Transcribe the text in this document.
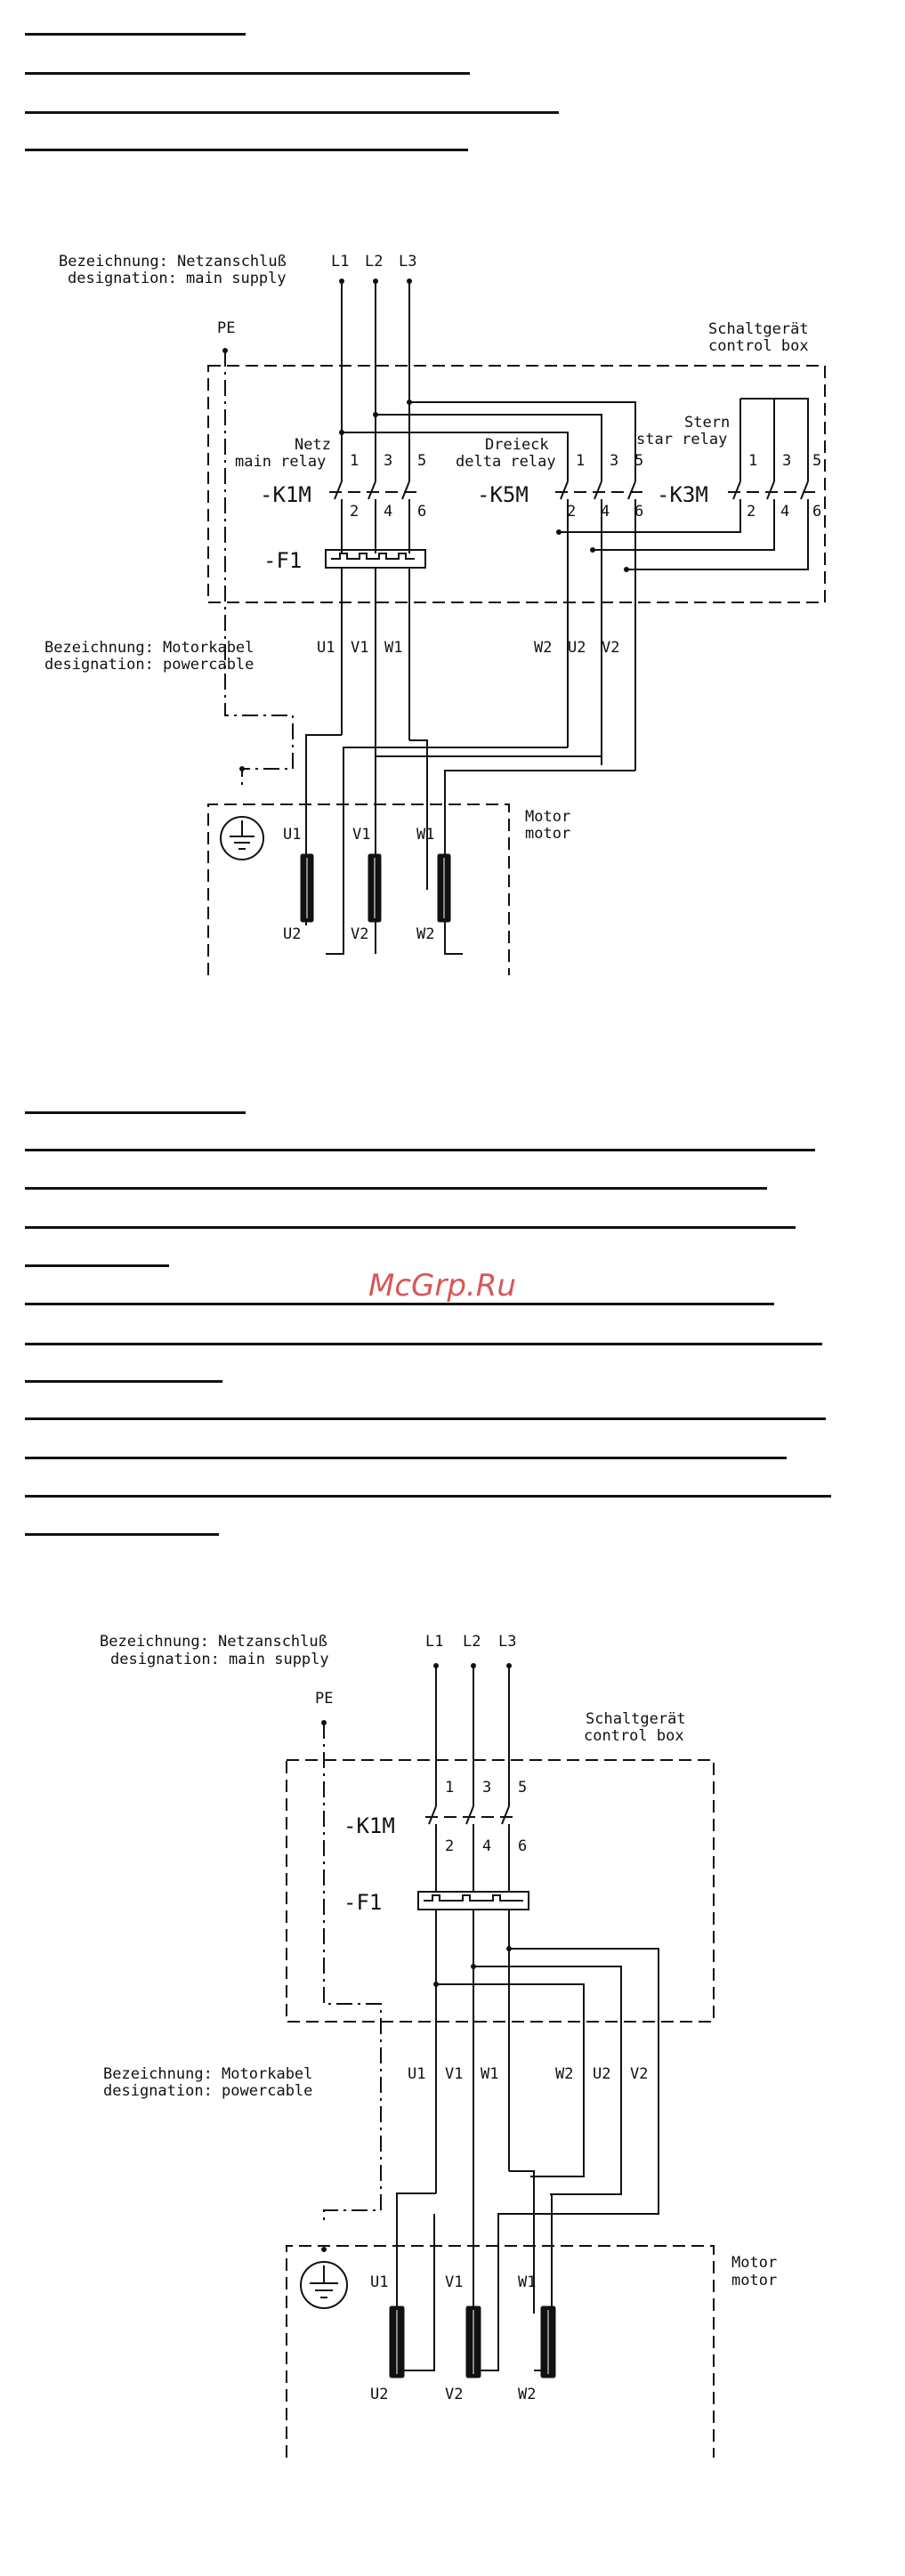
McGrp.Ru
Bezeichnung: Netzanschluß
designation: main supply
L1 L2 L3
PE	Schaltgerät
control box
Netz
main relay
Dreieck
delta relay
Stern
star relay
1 3 5	1 3 5	1 3 5
-K1M	-K5M	-K3M
2 4 6	2 4 6	2 4 6
-F1
Bezeichnung: Motorkabel
designation: powercable
U1 V1 W1	W2 U2 V2
Motor
motor
U1	V1	W1
U2	V2	W2
Bezeichnung: Netzanschluß
designation: main supply
L1 L2 L3
PE
Schaltgerät
control box
1 3 5
-K1M
2 4 6
-F1
Bezeichnung: Motorkabel
designation: powercable
U1 V1 W1	W2 U2 V2
Motor
motor
U1	V1	W1
U2	V2	W2
